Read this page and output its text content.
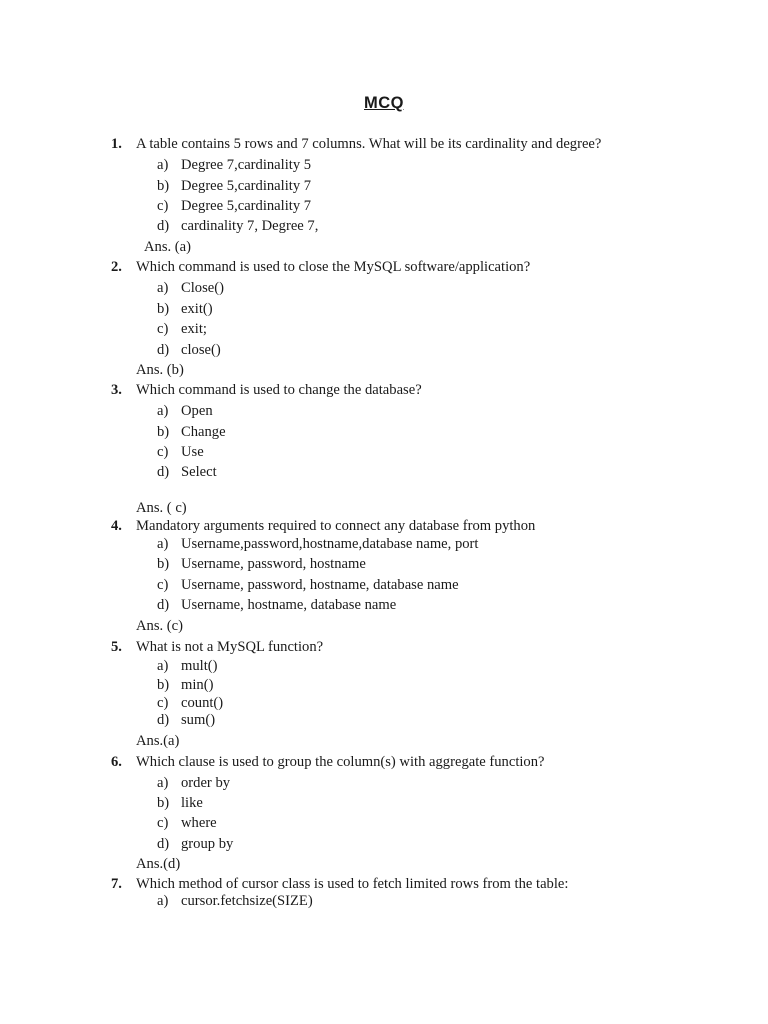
MCQ
1. A table contains 5 rows and 7 columns. What will be its cardinality and degree?
a) Degree 7,cardinality 5
b) Degree 5,cardinality 7
c) Degree 5,cardinality 7
d) cardinality 7, Degree 7,
Ans. (a)
2. Which command is used to close the MySQL software/application?
a) Close()
b) exit()
c) exit;
d) close()
Ans. (b)
3. Which command is used to change the database?
a) Open
b) Change
c) Use
d) Select
Ans. ( c)
4. Mandatory arguments required to connect any database from python
a) Username,password,hostname,database name, port
b) Username, password, hostname
c) Username, password, hostname, database name
d) Username, hostname, database name
Ans. (c)
5. What is not a MySQL function?
a) mult()
b) min()
c) count()
d) sum()
Ans.(a)
6. Which clause is used to group the column(s) with aggregate function?
a) order by
b) like
c) where
d) group by
Ans.(d)
7. Which method of cursor class is used to fetch limited rows from the table:
a) cursor.fetchsize(SIZE)
